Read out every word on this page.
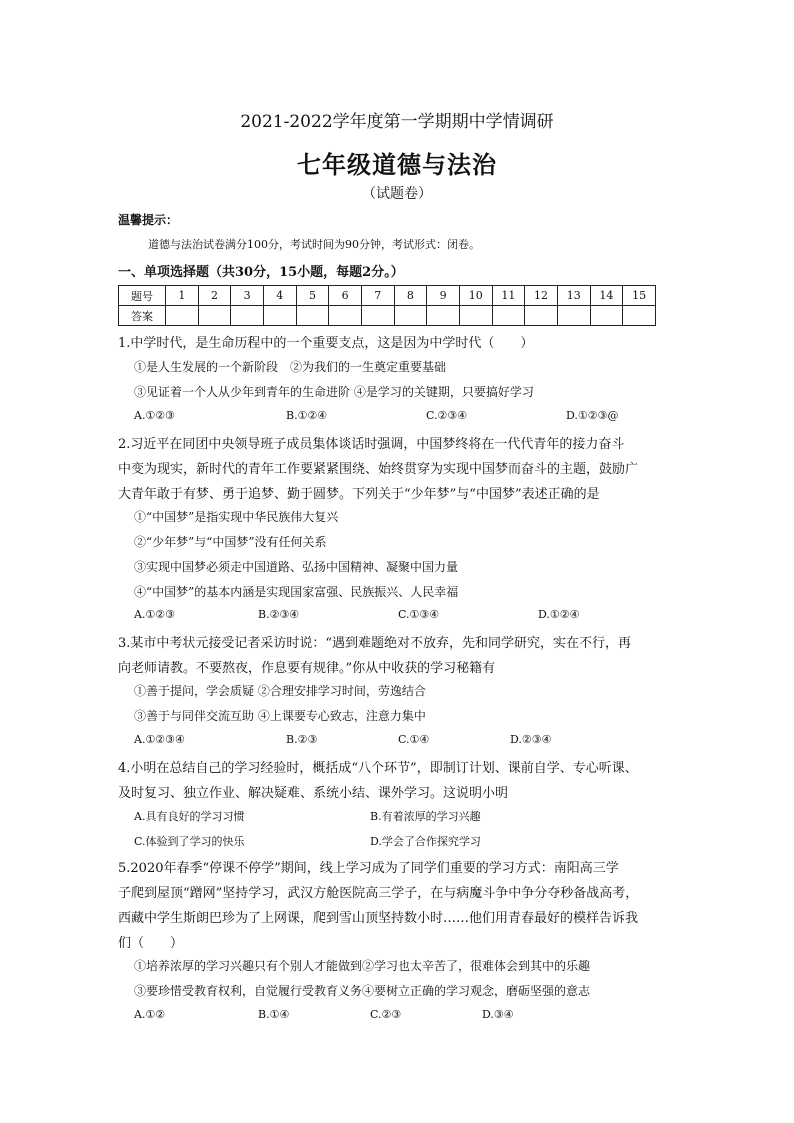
2021-2022学年度第一学期期中学情调研
七年级道德与法治
（试题卷）
温馨提示：
道德与法治试卷满分100分，考试时间为90分钟，考试形式：闭卷。
一、单项选择题（共30分，15小题，每题2分。）
题号	1	2	3	4	5	6	7	8	9	10	11	12	13	14	15
答案															
1.中学时代，是生命历程中的一个重要支点，这是因为中学时代（　　）
①是人生发展的一个新阶段　②为我们的一生奠定重要基础
③见证着一个人从少年到青年的生命进阶 ④是学习的关键期，只要搞好学习
A.①②③	B.①②④	C.②③④	D.①②③@
2.习近平在同团中央领导班子成员集体谈话时强调，中国梦终将在一代代青年的接力奋斗
中变为现实，新时代的青年工作要紧紧围绕、始终贯穿为实现中国梦而奋斗的主题，鼓励广
大青年敢于有梦、勇于追梦、勤于圆梦。下列关于“少年梦”与“中国梦”表述正确的是
①“中国梦”是指实现中华民族伟大复兴
②“少年梦”与“中国梦”没有任何关系
③实现中国梦必须走中国道路、弘扬中国精神、凝聚中国力量
④“中国梦”的基本内涵是实现国家富强、民族振兴、人民幸福
A.①②③	B.②③④	C.①③④	D.①②④
3.某市中考状元接受记者采访时说：“遇到难题绝对不放弃，先和同学研究，实在不行，再
向老师请教。不要熬夜，作息要有规律。”你从中收获的学习秘籍有
①善于提问，学会质疑 ②合理安排学习时间，劳逸结合
③善于与同伴交流互助 ④上课要专心致志，注意力集中
A.①②③④	B.②③	C.①④	D.②③④
4.小明在总结自己的学习经验时，概括成“八个环节”，即制订计划、课前自学、专心听课、
及时复习、独立作业、解决疑难、系统小结、课外学习。这说明小明
A.具有良好的学习习惯	B.有着浓厚的学习兴趣
C.体验到了学习的快乐	D.学会了合作探究学习
5.2020年春季“停课不停学”期间，线上学习成为了同学们重要的学习方式：南阳高三学
子爬到屋顶“蹭网”坚持学习，武汉方舱医院高三学子，在与病魔斗争中争分夺秒备战高考，
西藏中学生斯朗巴珍为了上网课，爬到雪山顶坚持数小时……他们用青春最好的模样告诉我
们（　　）
①培养浓厚的学习兴趣只有个别人才能做到②学习也太辛苦了，很难体会到其中的乐趣
③要珍惜受教育权利，自觉履行受教育义务④要树立正确的学习观念，磨砺坚强的意志
A.①②	B.①④	C.②③	D.③④
